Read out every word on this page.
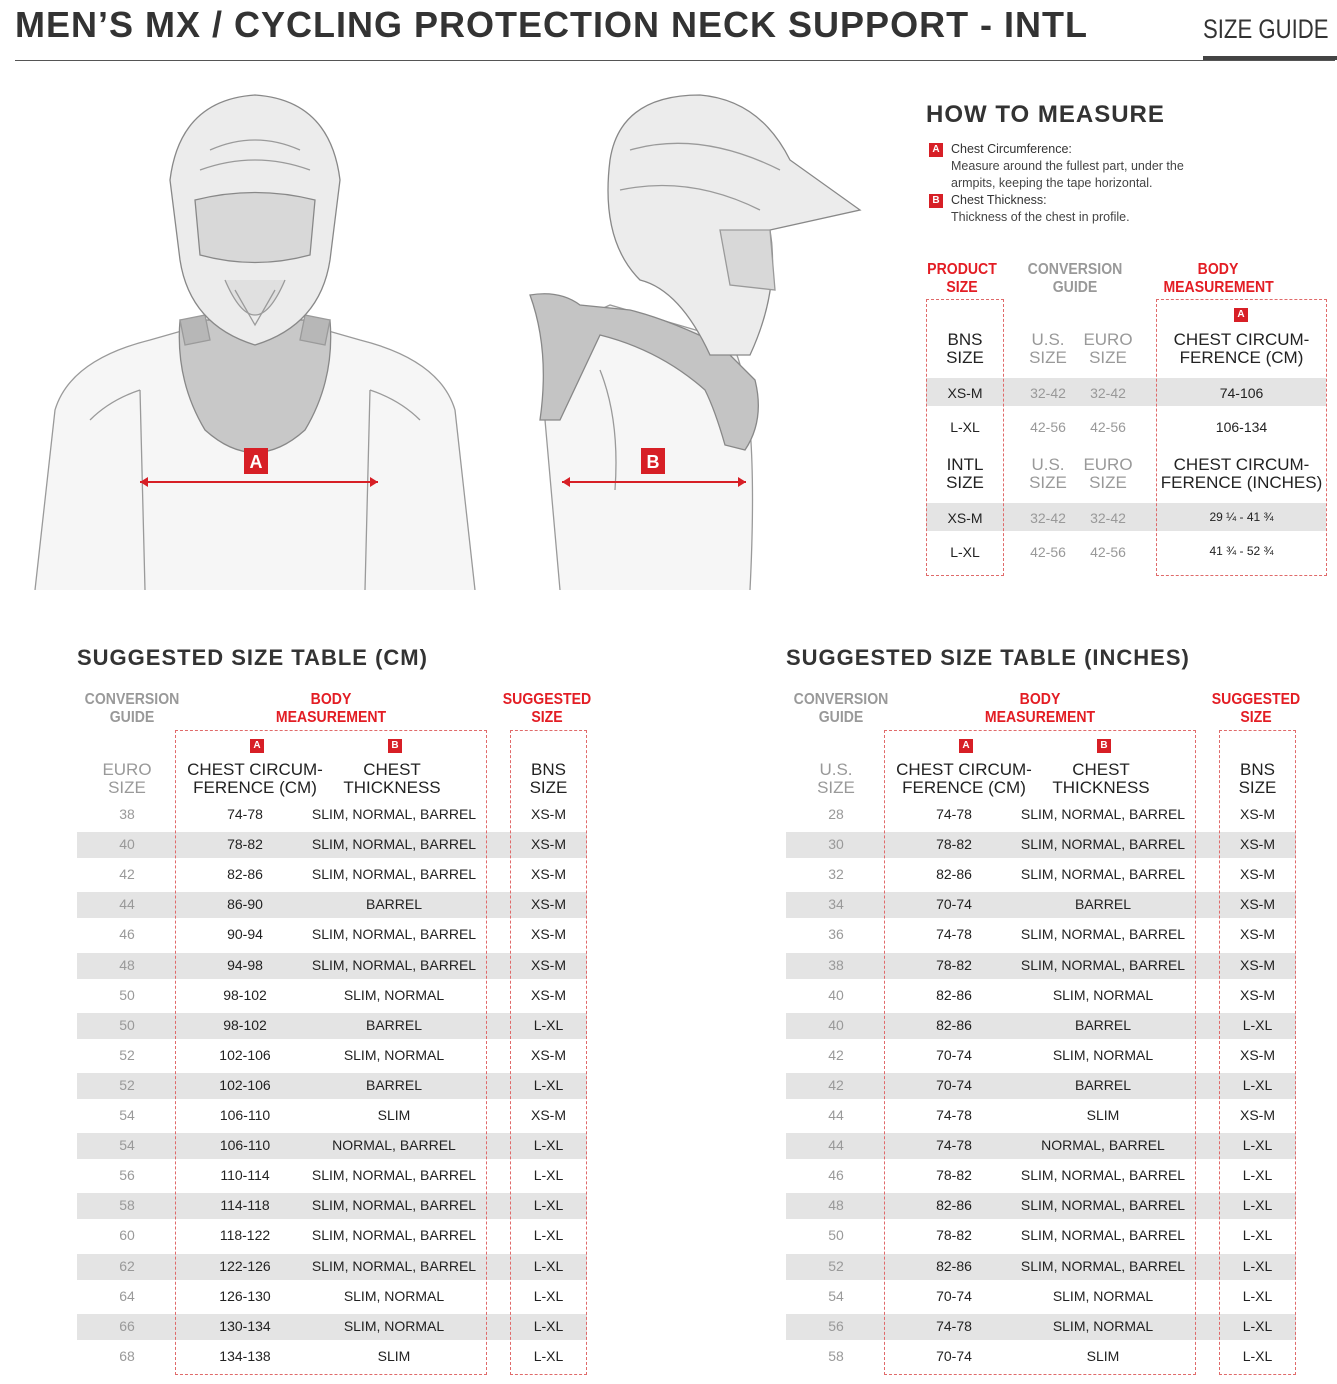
MEN’S MX / CYCLING PROTECTION NECK SUPPORT - INTL	SIZE GUIDE
A	B
HOW TO MEASURE
A Chest Circumference:
Measure around the fullest part, under the
armpits, keeping the tape horizontal.
B Chest Thickness:
Thickness of the chest in profile.
PRODUCT
SIZE
CONVERSION
GUIDE
BODY
MEASUREMENT
A
BNS
SIZE
U.S.
SIZE
EURO
SIZE
CHEST CIRCUM-
FERENCE (CM)
XS-M	32-42	32-42	74-106
L-XL	42-56	42-56	106-134
INTL
SIZE
U.S.
SIZE
EURO
SIZE
CHEST CIRCUM-
FERENCE (INCHES)
XS-M	32-42	32-42	29 ¼ - 41 ¾
L-XL	42-56	42-56	41 ¾ - 52 ¾
SUGGESTED SIZE TABLE (CM)
CONVERSION
GUIDE
BODY
MEASUREMENT
SUGGESTED
SIZE
A	B
EURO
SIZE
CHEST CIRCUM-
FERENCE (CM)
CHEST
THICKNESS
BNS
SIZE
38	74-78	SLIM, NORMAL, BARREL	XS-M
40	78-82	SLIM, NORMAL, BARREL	XS-M
42	82-86	SLIM, NORMAL, BARREL	XS-M
44	86-90	BARREL	XS-M
46	90-94	SLIM, NORMAL, BARREL	XS-M
48	94-98	SLIM, NORMAL, BARREL	XS-M
50	98-102	SLIM, NORMAL	XS-M
50	98-102	BARREL	L-XL
52	102-106	SLIM, NORMAL	XS-M
52	102-106	BARREL	L-XL
54	106-110	SLIM	XS-M
54	106-110	NORMAL, BARREL	L-XL
56	110-114	SLIM, NORMAL, BARREL	L-XL
58	114-118	SLIM, NORMAL, BARREL	L-XL
60	118-122	SLIM, NORMAL, BARREL	L-XL
62	122-126	SLIM, NORMAL, BARREL	L-XL
64	126-130	SLIM, NORMAL	L-XL
66	130-134	SLIM, NORMAL	L-XL
68	134-138	SLIM	L-XL
SUGGESTED SIZE TABLE (INCHES)
CONVERSION
GUIDE
BODY
MEASUREMENT
SUGGESTED
SIZE
A	B
U.S.
SIZE
CHEST CIRCUM-
FERENCE (CM)
CHEST
THICKNESS
BNS
SIZE
28	74-78	SLIM, NORMAL, BARREL	XS-M
30	78-82	SLIM, NORMAL, BARREL	XS-M
32	82-86	SLIM, NORMAL, BARREL	XS-M
34	70-74	BARREL	XS-M
36	74-78	SLIM, NORMAL, BARREL	XS-M
38	78-82	SLIM, NORMAL, BARREL	XS-M
40	82-86	SLIM, NORMAL	XS-M
40	82-86	BARREL	L-XL
42	70-74	SLIM, NORMAL	XS-M
42	70-74	BARREL	L-XL
44	74-78	SLIM	XS-M
44	74-78	NORMAL, BARREL	L-XL
46	78-82	SLIM, NORMAL, BARREL	L-XL
48	82-86	SLIM, NORMAL, BARREL	L-XL
50	78-82	SLIM, NORMAL, BARREL	L-XL
52	82-86	SLIM, NORMAL, BARREL	L-XL
54	70-74	SLIM, NORMAL	L-XL
56	74-78	SLIM, NORMAL	L-XL
58	70-74	SLIM	L-XL
